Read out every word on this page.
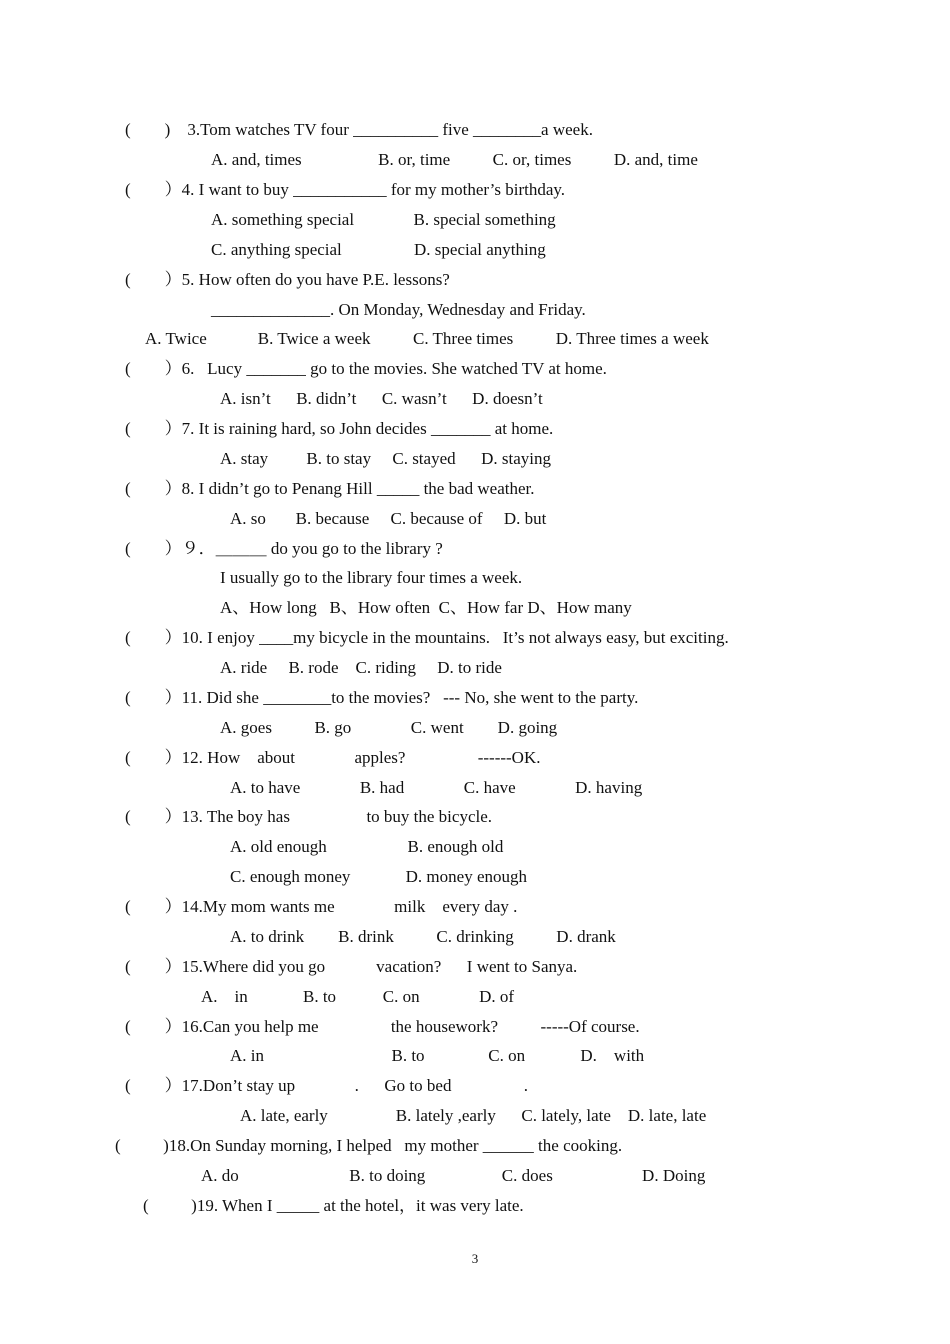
(        )    3.Tom watches TV four __________ five ________a week.
A. and, times                  B. or, time          C. or, times          D. and, time
(        ）4. I want to buy ___________ for my mother’s birthday.
A. something special              B. special something
C. anything special                 D. special anything
(        ）5. How often do you have P.E. lessons?
______________. On Monday, Wednesday and Friday.
A. Twice            B. Twice a week          C. Three times          D. Three times a week
(        ）6.   Lucy _______ go to the movies. She watched TV at home.
A. isn’t      B. didn’t      C. wasn’t      D. doesn’t
(        ）7. It is raining hard, so John decides _______ at home.
A. stay         B. to stay     C. stayed      D. staying
(        ）8. I didn’t go to Penang Hill _____ the bad weather.
A. so       B. because     C. because of     D. but
(        ）９．＿＿＿ do you go to the library ?
I usually go to the library four times a week.
A、How long   B、How often  C、How far D、How many
(        ）10. I enjoy ____my bicycle in the mountains.   It’s not always easy, but exciting.
A. ride     B. rode    C. riding     D. to ride
(        ）11. Did she ________to the movies?   --- No, she went to the party.
A. goes          B. go              C. went        D. going
(        ）12. How    about              apples?                 ------OK.
A. to have              B. had              C. have              D. having
(        ）13. The boy has                  to buy the bicycle.
A. old enough                   B. enough old
C. enough money             D. money enough
(        ）14.My mom wants me              milk    every day .
A. to drink        B. drink          C. drinking          D. drank
(        ）15.Where did you go            vacation?      I went to Sanya.
A.    in             B. to           C. on              D. of
(        ）16.Can you help me                 the housework?          -----Of course.
A. in                              B. to               C. on             D.    with
(        ）17.Don’t stay up              .      Go to bed                 .
A. late, early                B. lately ,early      C. lately, late    D. late, late
(          )18.On Sunday morning, I helped   my mother ______ the cooking.
A. do                          B. to doing                  C. does                     D. Doing
(          )19. When I _____ at the hotel，it was very late.
3
